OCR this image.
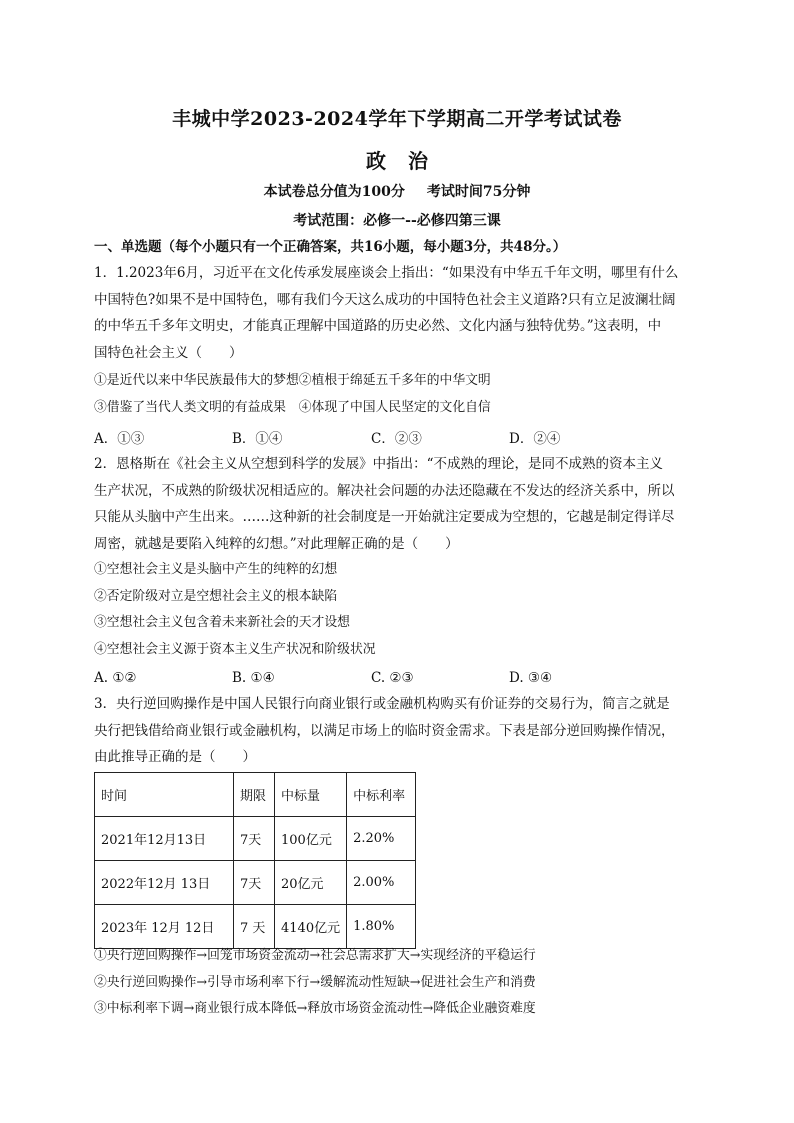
丰城中学2023-2024学年下学期高二开学考试试卷
政治
本试卷总分值为100分 考试时间75分钟
考试范围：必修一--必修四第三课
一、单选题（每个小题只有一个正确答案，共16小题，每小题3分，共48分。）
1．1.2023年6月，习近平在文化传承发展座谈会上指出：“如果没有中华五千年文明，哪里有什么
中国特色?如果不是中国特色，哪有我们今天这么成功的中国特色社会主义道路?只有立足波澜壮阔
的中华五千多年文明史，才能真正理解中国道路的历史必然、文化内涵与独特优势。”这表明，中
国特色社会主义（　　）
①是近代以来中华民族最伟大的梦想②植根于绵延五千多年的中华文明
③借鉴了当代人类文明的有益成果　④体现了中国人民坚定的文化自信
A．①③	B．①④	C．②③	D．②④
2．恩格斯在《社会主义从空想到科学的发展》中指出：“不成熟的理论，是同不成熟的资本主义
生产状况，不成熟的阶级状况相适应的。解决社会问题的办法还隐藏在不发达的经济关系中，所以
只能从头脑中产生出来。……这种新的社会制度是一开始就注定要成为空想的，它越是制定得详尽
周密，就越是要陷入纯粹的幻想。”对此理解正确的是（　　）
①空想社会主义是头脑中产生的纯粹的幻想
②否定阶级对立是空想社会主义的根本缺陷
③空想社会主义包含着未来新社会的天才设想
④空想社会主义源于资本主义生产状况和阶级状况
A. ①②	B. ①④	C. ②③	D. ③④
3．央行逆回购操作是中国人民银行向商业银行或金融机构购买有价证券的交易行为，简言之就是
央行把钱借给商业银行或金融机构，以满足市场上的临时资金需求。下表是部分逆回购操作情况，
由此推导正确的是（　　）
时间	期限	中标量	中标利率
2021年12月13日	7天	100亿元	2.20%
2022年12月 13日	7天	20亿元	2.00%
2023年 12月 12日	7 天	4140亿元	1.80%
①央行逆回购操作→回笼市场资金流动→社会总需求扩大→实现经济的平稳运行
②央行逆回购操作→引导市场利率下行→缓解流动性短缺→促进社会生产和消费
③中标利率下调→商业银行成本降低→释放市场资金流动性→降低企业融资难度
